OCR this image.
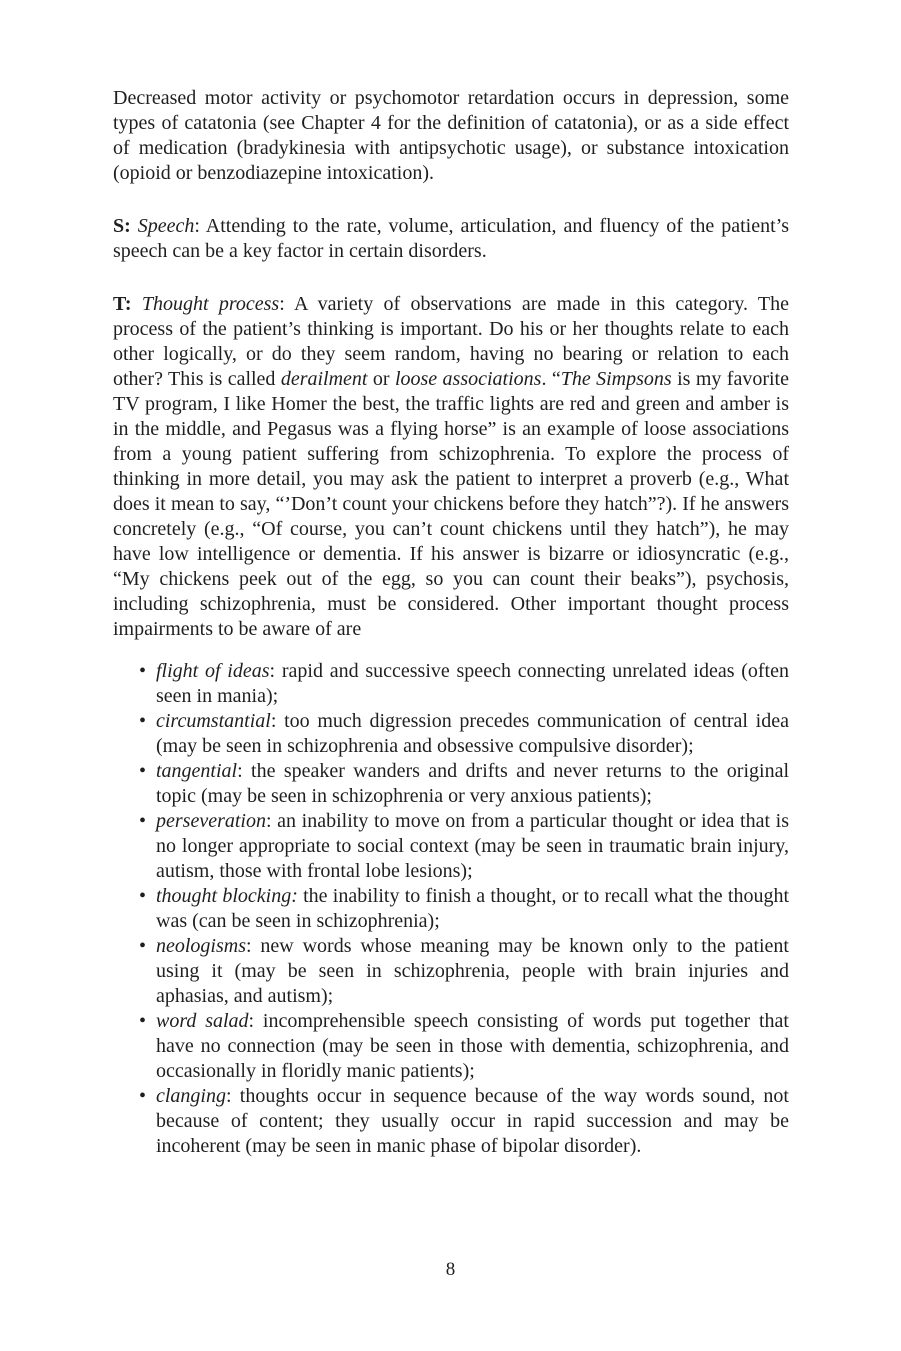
Decreased motor activity or psychomotor retardation occurs in depression, some types of catatonia (see Chapter 4 for the definition of catatonia), or as a side effect of medication (bradykinesia with antipsychotic usage), or substance intoxication (opioid or benzodiazepine intoxication).

S: Speech: Attending to the rate, volume, articulation, and fluency of the patient’s speech can be a key factor in certain disorders.

T: Thought process: A variety of observations are made in this category. The process of the patient’s thinking is important. Do his or her thoughts relate to each other logically, or do they seem random, having no bearing or relation to each other? This is called derailment or loose associations. “The Simpsons is my favorite TV program, I like Homer the best, the traffic lights are red and green and amber is in the middle, and Pegasus was a flying horse” is an example of loose associations from a young patient suffering from schizophrenia. To explore the process of thinking in more detail, you may ask the patient to interpret a proverb (e.g., What does it mean to say, “’Don’t count your chickens before they hatch”?). If he answers concretely (e.g., “Of course, you can’t count chickens until they hatch”), he may have low intelligence or dementia. If his answer is bizarre or idiosyncratic (e.g., “My chickens peek out of the egg, so you can count their beaks”), psychosis, including schizophrenia, must be considered. Other important thought process impairments to be aware of are

• flight of ideas: rapid and successive speech connecting unrelated ideas (often seen in mania);
• circumstantial: too much digression precedes communication of central idea (may be seen in schizophrenia and obsessive compulsive disorder);
• tangential: the speaker wanders and drifts and never returns to the original topic (may be seen in schizophrenia or very anxious patients);
• perseveration: an inability to move on from a particular thought or idea that is no longer appropriate to social context (may be seen in traumatic brain injury, autism, those with frontal lobe lesions);
• thought blocking: the inability to finish a thought, or to recall what the thought was (can be seen in schizophrenia);
• neologisms: new words whose meaning may be known only to the patient using it (may be seen in schizophrenia, people with brain injuries and aphasias, and autism);
• word salad: incomprehensible speech consisting of words put together that have no connection (may be seen in those with dementia, schizophrenia, and occasionally in floridly manic patients);
• clanging: thoughts occur in sequence because of the way words sound, not because of content; they usually occur in rapid succession and may be incoherent (may be seen in manic phase of bipolar disorder).
8
